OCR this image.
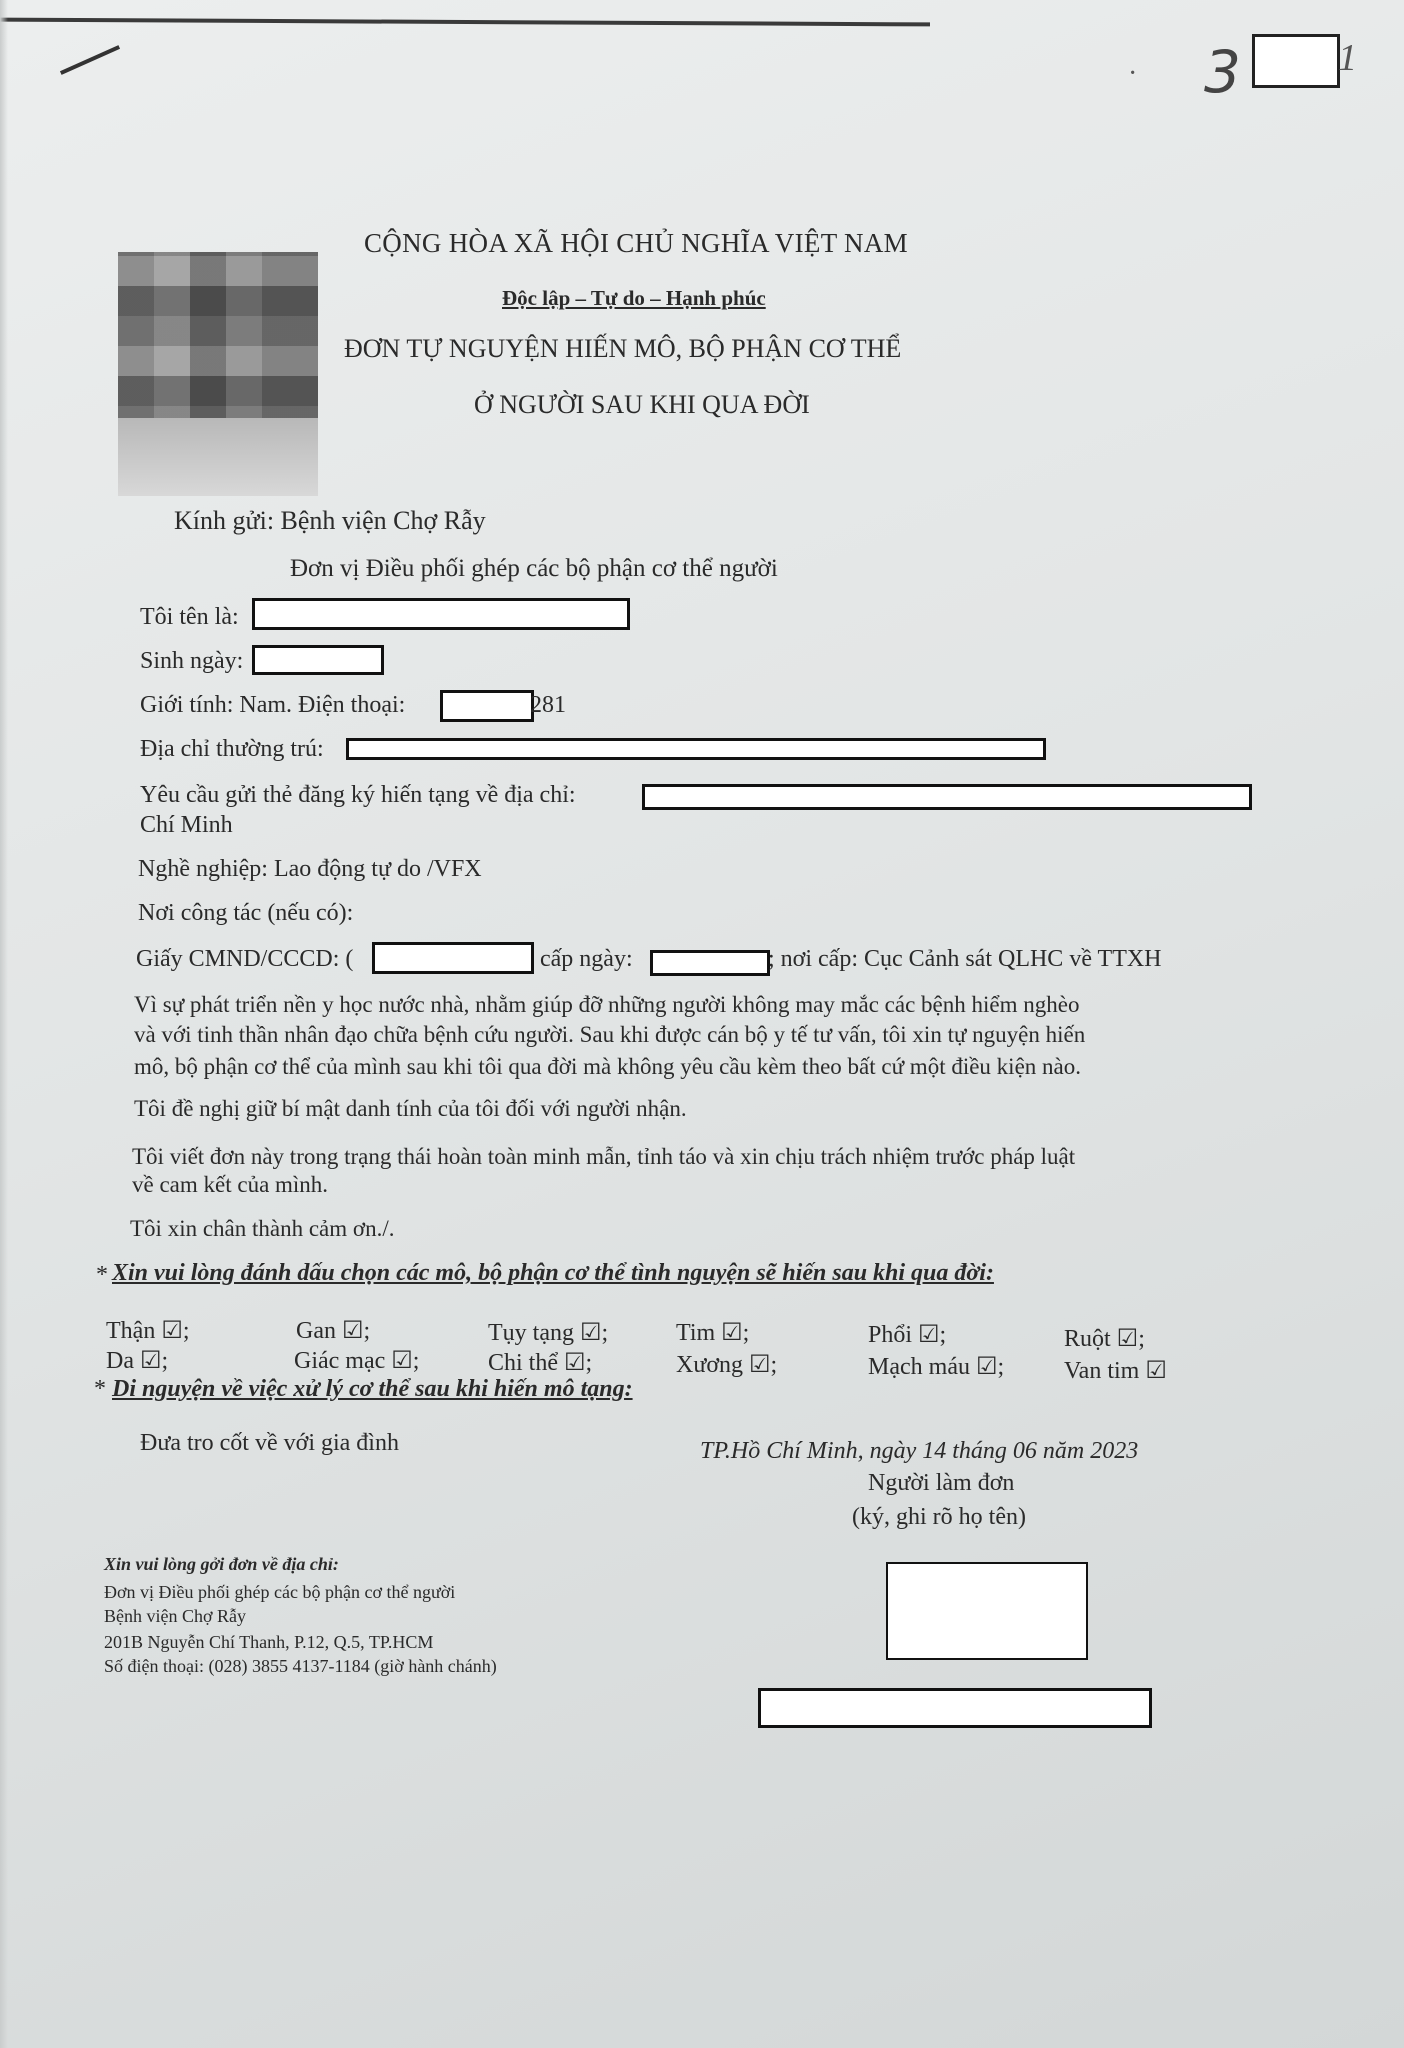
· 3	1
CỘNG HÒA XÃ HỘI CHỦ NGHĨA VIỆT NAM
Độc lập – Tự do – Hạnh phúc
ĐƠN TỰ NGUYỆN HIẾN MÔ, BỘ PHẬN CƠ THỂ
Ở NGƯỜI SAU KHI QUA ĐỜI
Kính gửi: Bệnh viện Chợ Rẫy
Đơn vị Điều phối ghép các bộ phận cơ thể người
Tôi tên là:
Sinh ngày:
Giới tính: Nam. Điện thoại:	281
Địa chỉ thường trú:
Yêu cầu gửi thẻ đăng ký hiến tạng về địa chỉ:
Chí Minh
Nghề nghiệp: Lao động tự do /VFX
Nơi công tác (nếu có):
Giấy CMND/CCCD: (	cấp ngày:	; nơi cấp: Cục Cảnh sát QLHC về TTXH
Vì sự phát triển nền y học nước nhà, nhằm giúp đỡ những người không may mắc các bệnh hiểm nghèo
và với tinh thần nhân đạo chữa bệnh cứu người. Sau khi được cán bộ y tế tư vấn, tôi xin tự nguyện hiến
mô, bộ phận cơ thể của mình sau khi tôi qua đời mà không yêu cầu kèm theo bất cứ một điều kiện nào.
Tôi đề nghị giữ bí mật danh tính của tôi đối với người nhận.
Tôi viết đơn này trong trạng thái hoàn toàn minh mẫn, tỉnh táo và xin chịu trách nhiệm trước pháp luật
về cam kết của mình.
Tôi xin chân thành cảm ơn./.
* Xin vui lòng đánh dấu chọn các mô, bộ phận cơ thể tình nguyện sẽ hiến sau khi qua đời:
Thận ☑;	Gan ☑;	Tụy tạng ☑;	Tim ☑;	Phổi ☑;	Ruột ☑;
Da ☑;	Giác mạc ☑;	Chi thể ☑;	Xương ☑;	Mạch máu ☑; Van tim ☑
* Di nguyện về việc xử lý cơ thể sau khi hiến mô tạng:
Đưa tro cốt về với gia đình	TP.Hồ Chí Minh, ngày 14 tháng 06 năm 2023
Người làm đơn
(ký, ghi rõ họ tên)
Xin vui lòng gởi đơn về địa chỉ:
Đơn vị Điều phối ghép các bộ phận cơ thể người
Bệnh viện Chợ Rẫy
201B Nguyễn Chí Thanh, P.12, Q.5, TP.HCM
Số điện thoại: (028) 3855 4137-1184 (giờ hành chánh)
